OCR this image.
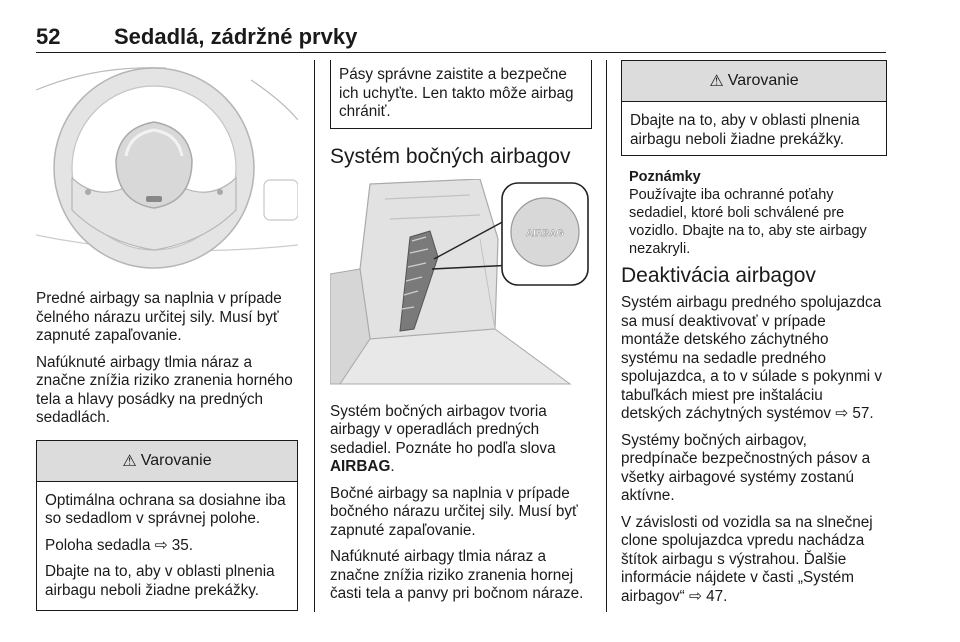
52 Sedadlá, zádržné prvky

Predné airbagy sa naplnia v prípade čelného nárazu určitej sily. Musí byť zapnuté zapaľovanie.

Nafúknuté airbagy tlmia náraz a značne znížia riziko zranenia horného tela a hlavy posádky na predných sedadlách.

⚠ Varovanie

Optimálna ochrana sa dosiahne iba so sedadlom v správnej polohe.

Poloha sedadla ⇨ 35.

Dbajte na to, aby v oblasti plnenia airbagu neboli žiadne prekážky.

Pásy správne zaistite a bezpečne ich uchyťte. Len takto môže airbag chrániť.

Systém bočných airbagov
AIRBAG

Systém bočných airbagov tvoria airbagy v operadlách predných sedadiel. Poznáte ho podľa slova AIRBAG.

Bočné airbagy sa naplnia v prípade bočného nárazu určitej sily. Musí byť zapnuté zapaľovanie.

Nafúknuté airbagy tlmia náraz a značne znížia riziko zranenia hornej časti tela a panvy pri bočnom náraze.

⚠ Varovanie

Dbajte na to, aby v oblasti plnenia airbagu neboli žiadne prekážky.

Poznámky

Používajte iba ochranné poťahy sedadiel, ktoré boli schválené pre vozidlo. Dbajte na to, aby ste airbagy nezakryli.

Deaktivácia airbagov

Systém airbagu predného spolujazdca sa musí deaktivovať v prípade montáže detského záchytného systému na sedadle predného spolujazdca, a to v súlade s pokynmi v tabuľkách miest pre inštaláciu detských záchytných systémov ⇨ 57.

Systémy bočných airbagov, predpínače bezpečnostných pásov a všetky airbagové systémy zostanú aktívne.

V závislosti od vozidla sa na slnečnej clone spolujazdca vpredu nachádza štítok airbagu s výstrahou. Ďalšie informácie nájdete v časti „Systém airbagov“ ⇨ 47.
